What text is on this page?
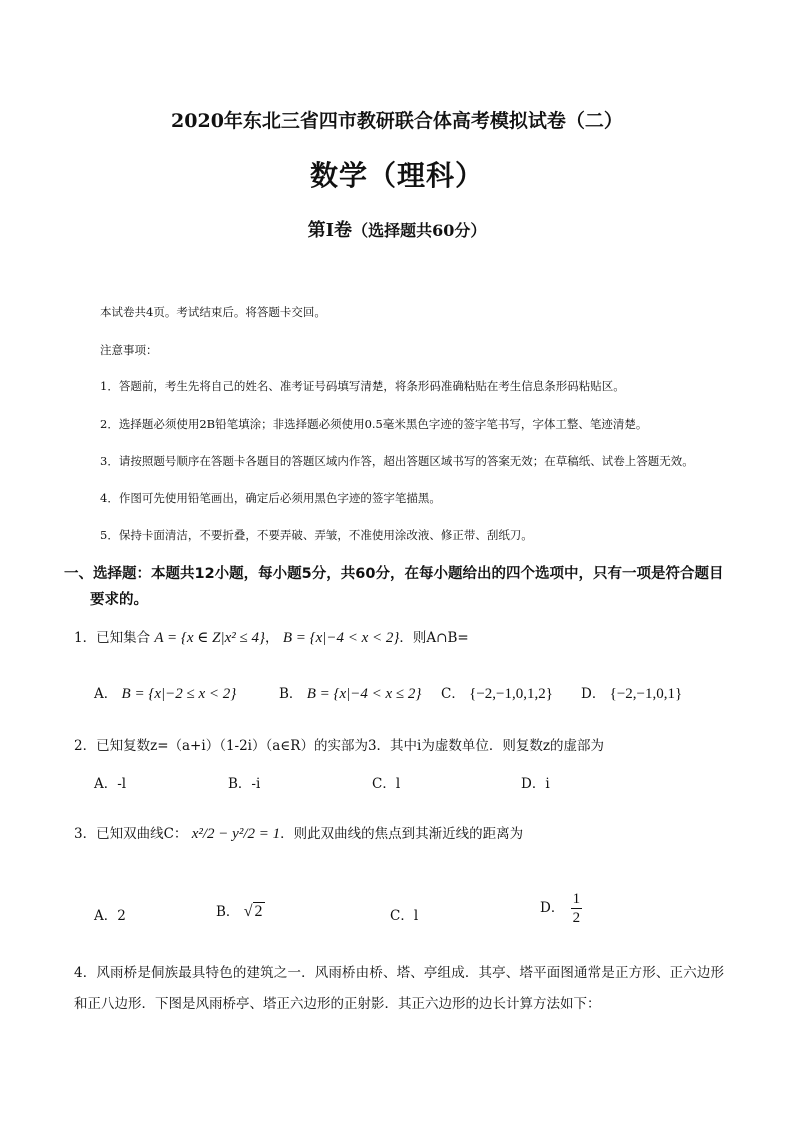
2020年东北三省四市教研联合体高考模拟试卷（二）
数学（理科）
第Ⅰ卷（选择题共60分）
本试卷共4页。考试结束后。将答题卡交回。
注意事项：
1．答题前，考生先将自己的姓名、准考证号码填写清楚，将条形码准确粘贴在考生信息条形码粘贴区。
2．选择题必须使用2B铅笔填涂；非选择题必须使用0.5毫米黑色字迹的签字笔书写，字体工整、笔迹清楚。
3．请按照题号顺序在答题卡各题目的答题区域内作答，超出答题区域书写的答案无效；在草稿纸、试卷上答题无效。
4．作图可先使用铅笔画出，确定后必须用黑色字迹的签字笔描黑。
5．保持卡面清洁，不要折叠，不要弄破、弄皱，不准使用涂改液、修正带、刮纸刀。
一、选择题：本题共12小题，每小题5分，共60分，在每小题给出的四个选项中，只有一项是符合题目
要求的。
1．已知集合 A = {x ∈ Z|x² ≤ 4}， B = {x|−4 < x < 2}．则A∩B=
A． B = {x|−2 ≤ x < 2}	B． B = {x|−4 < x ≤ 2} C． {−2,−1,0,1,2} D． {−2,−1,0,1}
2．已知复数z=（a+i）（1-2i）（a∈R）的实部为3．其中i为虚数单位．则复数z的虚部为
A．-l	B．-i	C．l	D．i
3．已知双曲线C： x²/2 − y²/2 = 1．则此双曲线的焦点到其渐近线的距离为
A．2	B． √ 2	C．l	D． $\frac{1}{2}$
4．风雨桥是侗族最具特色的建筑之一．风雨桥由桥、塔、亭组成．其亭、塔平面图通常是正方形、正六边形和正八边形．下图是风雨桥亭、塔正六边形的正射影．其正六边形的边长计算方法如下：
